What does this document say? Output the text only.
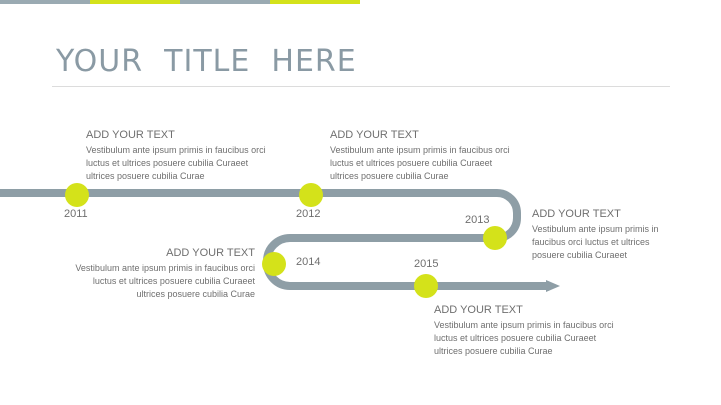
YOUR  TITLE  HERE
2011	2012	2013
2014	2015
ADD YOUR TEXT
Vestibulum ante ipsum primis in faucibus orci luctus et ultrices posuere cubilia Curaeet ultrices posuere cubilia Curae
ADD YOUR TEXT
Vestibulum ante ipsum primis in faucibus orci luctus et ultrices posuere cubilia Curaeet ultrices posuere cubilia Curae
ADD YOUR TEXT
Vestibulum ante ipsum primis in faucibus orci luctus et ultrices posuere cubilia Curaeet
ADD YOUR TEXT
Vestibulum ante ipsum primis in faucibus orci luctus et ultrices posuere cubilia Curaeet ultrices posuere cubilia Curae
ADD YOUR TEXT
Vestibulum ante ipsum primis in faucibus orci luctus et ultrices posuere cubilia Curaeet ultrices posuere cubilia Curae
